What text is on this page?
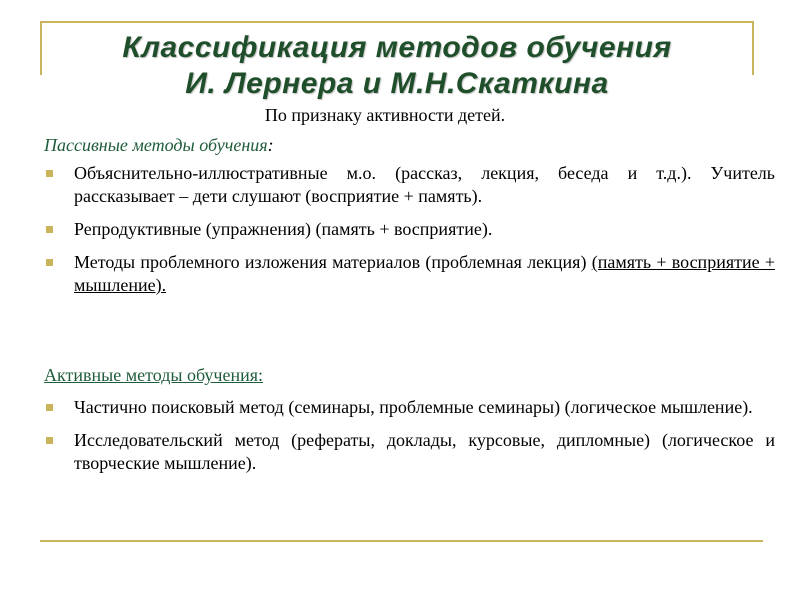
Классификация методов обучения
И. Лернера и М.Н.Скаткина

По признаку активности детей.

Пассивные методы обучения:

Объяснительно-иллюстративные м.о. (рассказ, лекция, беседа и т.д.). Учитель рассказывает – дети слушают (восприятие + память).
Репродуктивные (упражнения) (память + восприятие).
Методы проблемного изложения материалов (проблемная лекция) (память + восприятие + мышление).

Активные методы обучения:

Частично поисковый метод (семинары, проблемные семинары) (логическое мышление).
Исследовательский метод (рефераты, доклады, курсовые, дипломные) (логическое и творческие мышление).
